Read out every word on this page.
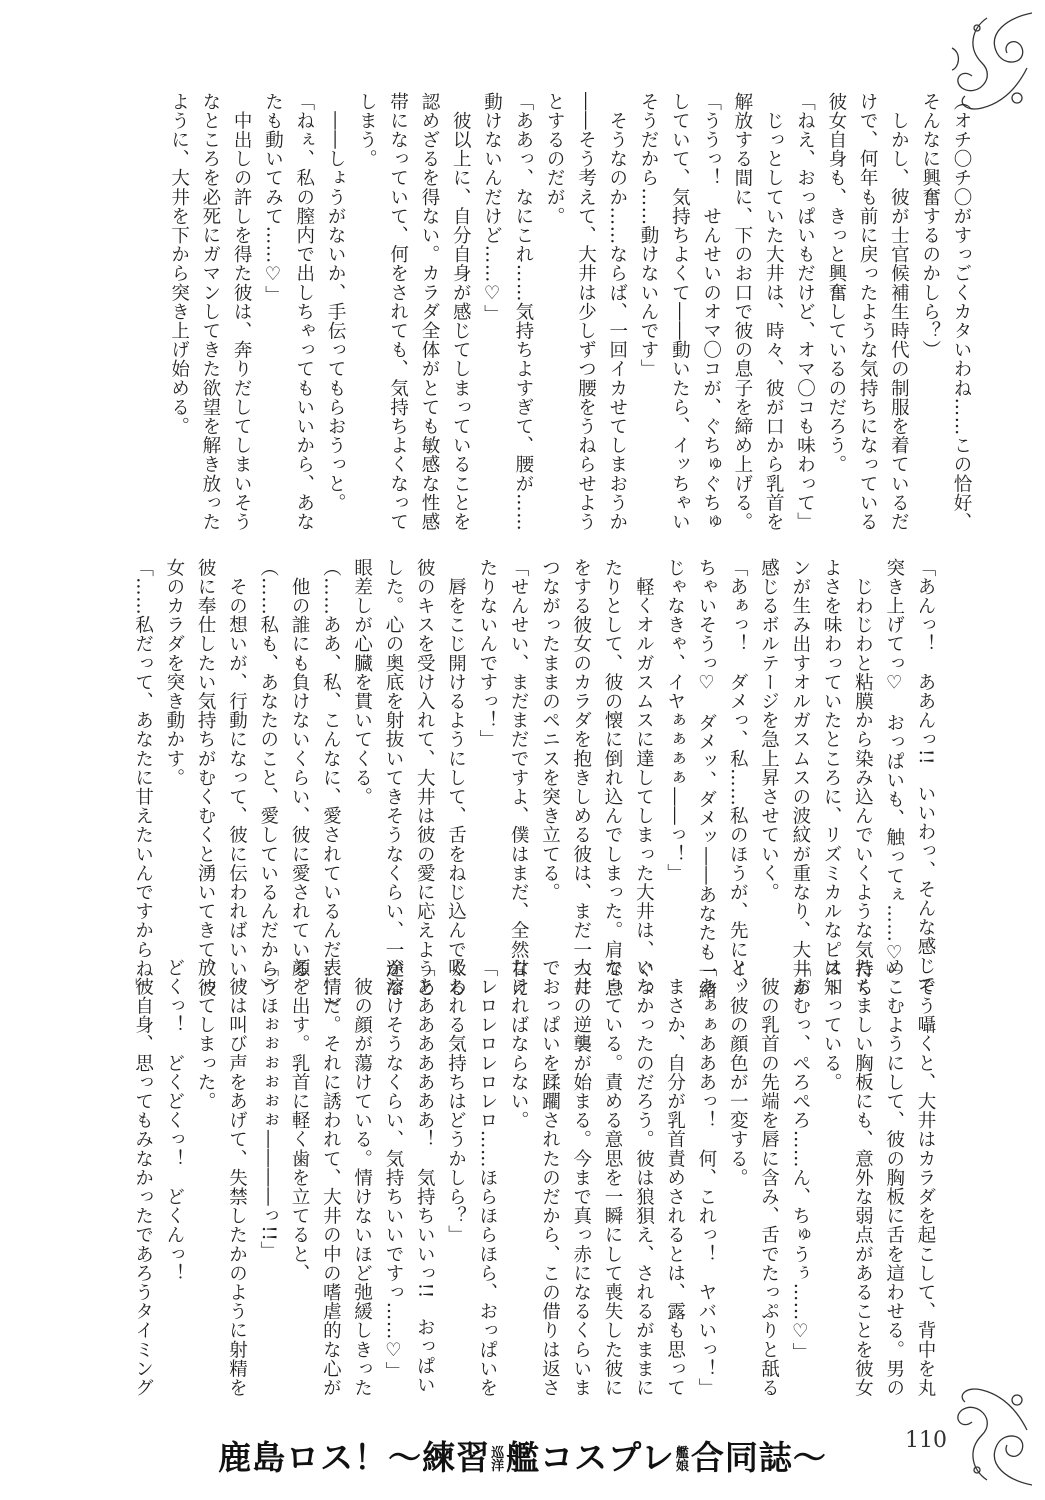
（オチ〇チ〇がすっごくカタいわね……この恰好、
そんなに興奮するのかしら？）
　しかし、彼が士官候補生時代の制服を着ているだ
けで、何年も前に戻ったような気持ちになっている
彼女自身も、きっと興奮しているのだろう。
「ねえ、おっぱいもだけど、オマ〇コも味わって」
　じっとしていた大井は、時々、彼が口から乳首を
解放する間に、下のお口で彼の息子を締め上げる。
「ううっ！　せんせいのオマ〇コが、ぐちゅぐちゅ
していて、気持ちよくて――動いたら、イッちゃい
そうだから……動けないんです」
　そうなのか……ならば、一回イカせてしまおうか
――そう考えて、大井は少しずつ腰をうねらせよう
とするのだが。
「ああっ、なにこれ……気持ちよすぎて、腰が……
動けないんだけど……♡」
　彼以上に、自分自身が感じてしまっていることを
認めざるを得ない。カラダ全体がとても敏感な性感
帯になっていて、何をされても、気持ちよくなって
しまう。
　――しょうがないか、手伝ってもらおうっと。
「ねぇ、私の膣内で出しちゃってもいいから、あな
たも動いてみて……♡」
　中出しの許しを得た彼は、奔りだしてしまいそう
なところを必死にガマンしてきた欲望を解き放った
ように、大井を下から突き上げ始める。
「あんっ！　ああんっ!!　いいわっ、そんな感じで
突き上げてっ♡　おっぱいも、触ってぇ……♡」
　じわじわと粘膜から染み込んでいくような気持ち
よさを味わっていたところに、リズミカルなピスト
ンが生み出すオルガスムスの波紋が重なり、大井が
感じるボルテージを急上昇させていく。
「あぁっ！　ダメっ、私……私のほうが、先にイッ
ちゃいそうっ♡　ダメッ、ダメッ――あなたも一緒
じゃなきゃ、イヤぁぁぁぁ――っ！」
　軽くオルガスムスに達してしまった大井は、ぐっ
たりとして、彼の懐に倒れ込んでしまった。肩で息
をする彼女のカラダを抱きしめる彼は、まだ一つに
つながったままのペニスを突き立てる。
「せんせい、まだまだですよ、僕はまだ、全然甘え
たりないんですっ！」
　唇をこじ開けるようにして、舌をねじ込んでくる
彼のキスを受け入れて、大井は彼の愛に応えようと
した。心の奥底を射抜いてきそうなくらい、一途な
眼差しが心臓を貫いてくる。
（……ああ、私、こんなに、愛されているんだ……）
　他の誰にも負けないくらい、彼に愛されている。
（……私も、あなたのこと、愛しているんだから）
　その想いが、行動になって、彼に伝わればいい。
彼に奉仕したい気持ちがむくむくと湧いてきて、彼
女のカラダを突き動かす。
「……私だって、あなたに甘えたいんですからね」
　そう囁くと、大井はカラダを起こして、背中を丸
めこむようにして、彼の胸板に舌を這わせる。男の
たくましい胸板にも、意外な弱点があることを彼女
は知っている。
「あむっ、ぺろぺろ……ん、ちゅうぅ……♡」
　彼の乳首の先端を唇に含み、舌でたっぷりと舐る
と、彼の顔色が一変する。
「あぁぁあああっ！　何、これっ！　ヤバいっ！」
　まさか、自分が乳首責めされるとは、露も思って
いなかったのだろう。彼は狼狽え、されるがままに
なっている。責める意思を一瞬にして喪失した彼に
大井の逆襲が始まる。今まで真っ赤になるくらいま
でおっぱいを蹂躙されたのだから、この借りは返さ
なければならない。
「レロレロレロレロ……ほらほらほら、おっぱいを
吸われる気持ちはどうかしら？」
「ああああああああ！　気持ちいいっ!!　おっぱい
が溶けそうなくらい、気持ちいいですっ……♡」
　彼の顔が蕩けている。情けないほど弛緩しきった
表情だ。それに誘われて、大井の中の嗜虐的な心が
顔を出す。乳首に軽く歯を立てると、
「うほぉぉぉぉぉぉ――――っ!!」
　彼は叫び声をあげて、失禁したかのように射精を
放ってしまった。
どくっ！　どくどくっ！　どくんっ！
　彼自身、思ってもみなかったであろうタイミング
鹿島ロス！～練習 巡
洋 艦コスプレ 艦
娘 合同誌～	110
